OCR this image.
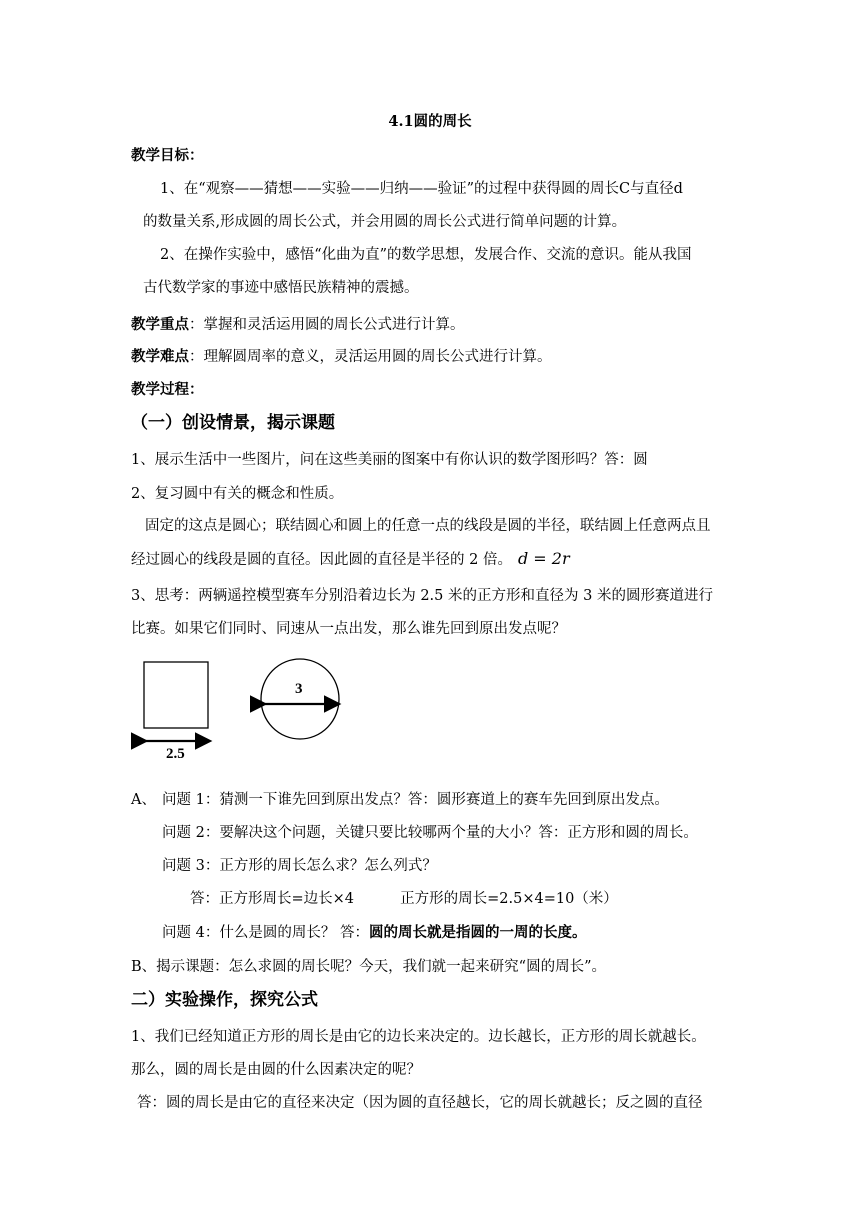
4.1圆的周长
教学目标：
1、在“观察——猜想——实验——归纳——验证”的过程中获得圆的周长C与直径d
的数量关系,形成圆的周长公式，并会用圆的周长公式进行简单问题的计算。
2、在操作实验中，感悟“化曲为直”的数学思想，发展合作、交流的意识。能从我国
古代数学家的事迹中感悟民族精神的震撼。
教学重点：掌握和灵活运用圆的周长公式进行计算。
教学难点：理解圆周率的意义，灵活运用圆的周长公式进行计算。
教学过程：
（一）创设情景，揭示课题
1、展示生活中一些图片，问在这些美丽的图案中有你认识的数学图形吗？答：圆
2、复习圆中有关的概念和性质。
固定的这点是圆心；联结圆心和圆上的任意一点的线段是圆的半径，联结圆上任意两点且
经过圆心的线段是圆的直径。因此圆的直径是半径的 2 倍。 d = 2r
3、思考：两辆遥控模型赛车分别沿着边长为 2.5 米的正方形和直径为 3 米的圆形赛道进行
比赛。如果它们同时、同速从一点出发，那么谁先回到原出发点呢？
2.5
3
A、 问题 1：猜测一下谁先回到原出发点？答：圆形赛道上的赛车先回到原出发点。
问题 2：要解决这个问题，关键只要比较哪两个量的大小？答：正方形和圆的周长。
问题 3：正方形的周长怎么求？怎么列式？
答：正方形周长=边长×4          正方形的周长=2.5×4=10（米）
问题 4：什么是圆的周长？ 答：圆的周长就是指圆的一周的长度。
B、揭示课题：怎么求圆的周长呢？今天，我们就一起来研究“圆的周长”。
二）实验操作，探究公式
1、我们已经知道正方形的周长是由它的边长来决定的。边长越长，正方形的周长就越长。
那么，圆的周长是由圆的什么因素决定的呢？
答：圆的周长是由它的直径来决定（因为圆的直径越长，它的周长就越长；反之圆的直径
